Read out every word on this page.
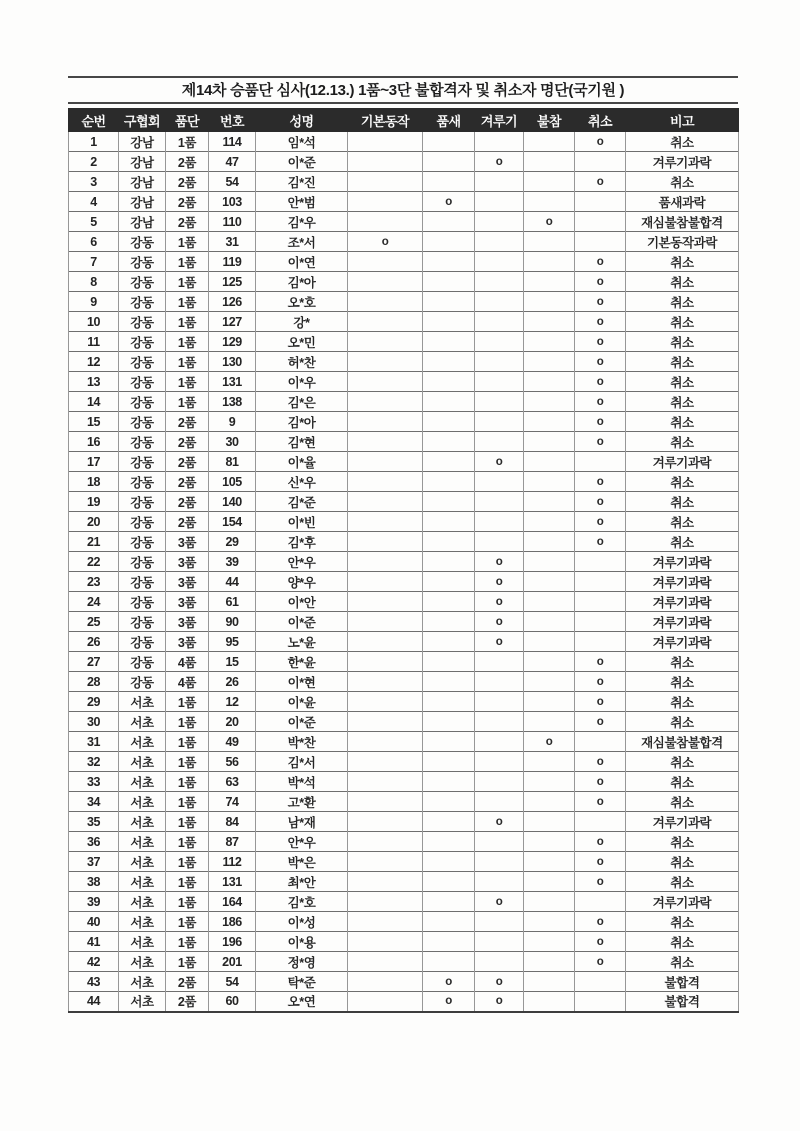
제14차 승품단 심사(12.13.) 1품~3단 불합격자 및 취소자 명단(국기원 )
순번	구협회	품단	번호	성명	기본동작	품새	겨루기	불참	취소	비고
1	강남	1품	114	임*석					o	취소
2	강남	2품	47	이*준			o			겨루기과락
3	강남	2품	54	김*진					o	취소
4	강남	2품	103	안*범		o				품새과락
5	강남	2품	110	김*우				o		재심불참불합격
6	강동	1품	31	조*서	o					기본동작과락
7	강동	1품	119	이*연					o	취소
8	강동	1품	125	김*아					o	취소
9	강동	1품	126	오*호					o	취소
10	강동	1품	127	강*					o	취소
11	강동	1품	129	오*민					o	취소
12	강동	1품	130	허*찬					o	취소
13	강동	1품	131	이*우					o	취소
14	강동	1품	138	김*은					o	취소
15	강동	2품	9	김*아					o	취소
16	강동	2품	30	김*현					o	취소
17	강동	2품	81	이*율			o			겨루기과락
18	강동	2품	105	신*우					o	취소
19	강동	2품	140	김*준					o	취소
20	강동	2품	154	이*빈					o	취소
21	강동	3품	29	김*후					o	취소
22	강동	3품	39	안*우			o			겨루기과락
23	강동	3품	44	양*우			o			겨루기과락
24	강동	3품	61	이*안			o			겨루기과락
25	강동	3품	90	이*준			o			겨루기과락
26	강동	3품	95	노*윤			o			겨루기과락
27	강동	4품	15	한*윤					o	취소
28	강동	4품	26	이*현					o	취소
29	서초	1품	12	이*윤					o	취소
30	서초	1품	20	이*준					o	취소
31	서초	1품	49	박*찬				o		재심불참불합격
32	서초	1품	56	김*서					o	취소
33	서초	1품	63	박*석					o	취소
34	서초	1품	74	고*환					o	취소
35	서초	1품	84	남*재			o			겨루기과락
36	서초	1품	87	안*우					o	취소
37	서초	1품	112	박*은					o	취소
38	서초	1품	131	최*안					o	취소
39	서초	1품	164	김*호			o			겨루기과락
40	서초	1품	186	이*성					o	취소
41	서초	1품	196	이*용					o	취소
42	서초	1품	201	정*영					o	취소
43	서초	2품	54	탁*준		o	o			불합격
44	서초	2품	60	오*연		o	o			불합격
